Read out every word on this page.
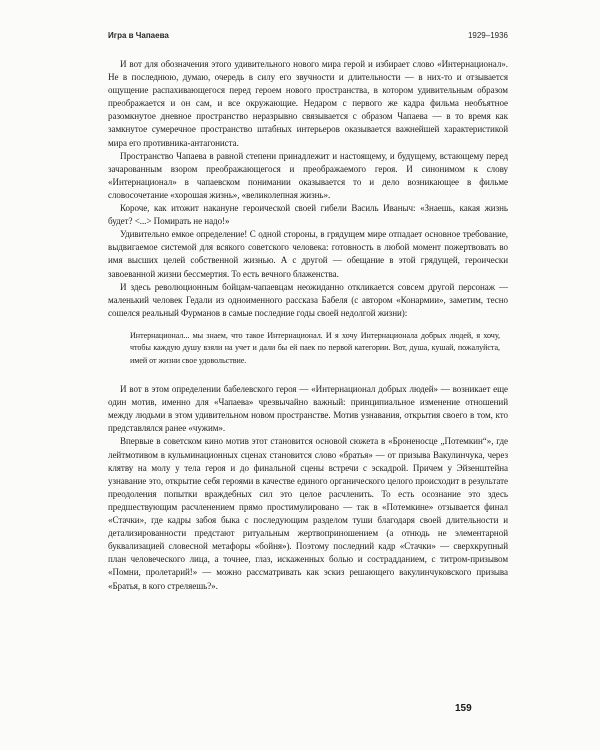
Игра в Чапаева	1929–1936

И вот для обозначения этого удивительного нового мира герой и избирает слово «Интернационал». Не в последнюю, думаю, очередь в силу его звучности и длительности — в них-то и отзывается ощущение распахивающегося перед героем нового пространства, в котором удивительным образом преображается и он сам, и все окружающие. Недаром с первого же кадра фильма необъятное разомкнутое дневное пространство неразрывно связывается с образом Чапаева — в то время как замкнутое сумеречное пространство штабных интерьеров оказывается важнейшей характеристикой мира его противника-антагониста.

Пространство Чапаева в равной степени принадлежит и настоящему, и будущему, встающему перед зачарованным взором преображающегося и преображаемого героя. И синонимом к слову «Интернационал» в чапаевском понимании оказывается то и дело возникающее в фильме словосочетание «хорошая жизнь», «великолепная жизнь».

Короче, как итожит накануне героической своей гибели Василь Иваныч: «Знаешь, какая жизнь будет? <...> Помирать не надо!»

Удивительно емкое определение! С одной стороны, в грядущем мире отпадает основное требование, выдвигаемое системой для всякого советского человека: готовность в любой момент пожертвовать во имя высших целей собственной жизнью. А с другой — обещание в этой грядущей, героически завоеванной жизни бессмертия. То есть вечного блаженства.

И здесь революционным бойцам-чапаевцам неожиданно откликается совсем другой персонаж — маленький человек Гедали из одноименного рассказа Бабеля (с автором «Конармии», заметим, тесно сошелся реальный Фурманов в самые последние годы своей недолгой жизни):

Интернационал... мы знаем, что такое Интернационал. И я хочу Интернационала добрых людей, я хочу, чтобы каждую душу взяли на учет и дали бы ей паек по первой категории. Вот, душа, кушай, пожалуйста, имей от жизни свое удовольствие.

И вот в этом определении бабелевского героя — «Интернационал добрых людей» — возникает еще один мотив, именно для «Чапаева» чрезвычайно важный: принципиальное изменение отношений между людьми в этом удивительном новом пространстве. Мотив узнавания, открытия своего в том, кто представлялся ранее «чужим».

Впервые в советском кино мотив этот становится основой сюжета в «Броненосце „Потемкин“», где лейтмотивом в кульминационных сценах становится слово «братья» — от призыва Вакулинчука, через клятву на молу у тела героя и до финальной сцены встречи с эскадрой. Причем у Эйзенштейна узнавание это, открытие себя героями в качестве единого органического целого происходит в результате преодоления попытки враждебных сил это целое расчленить. То есть осознание это здесь предшествующим расчленением прямо простимулировано — так в «Потемкине» отзывается финал «Стачки», где кадры забоя быка с последующим разделом туши благодаря своей длительности и детализированности предстают ритуальным жертвоприношением (а отнюдь не элементарной буквализацией словесной метафоры «бойня»). Поэтому последний кадр «Стачки» — сверхкрупный план человеческого лица, а точнее, глаз, искаженных болью и сострадданием, с титром-призывом «Помни, пролетарий!» — можно рассматривать как эскиз решающего вакулинчуковского призыва «Братья, в кого стреляешь?».

159
